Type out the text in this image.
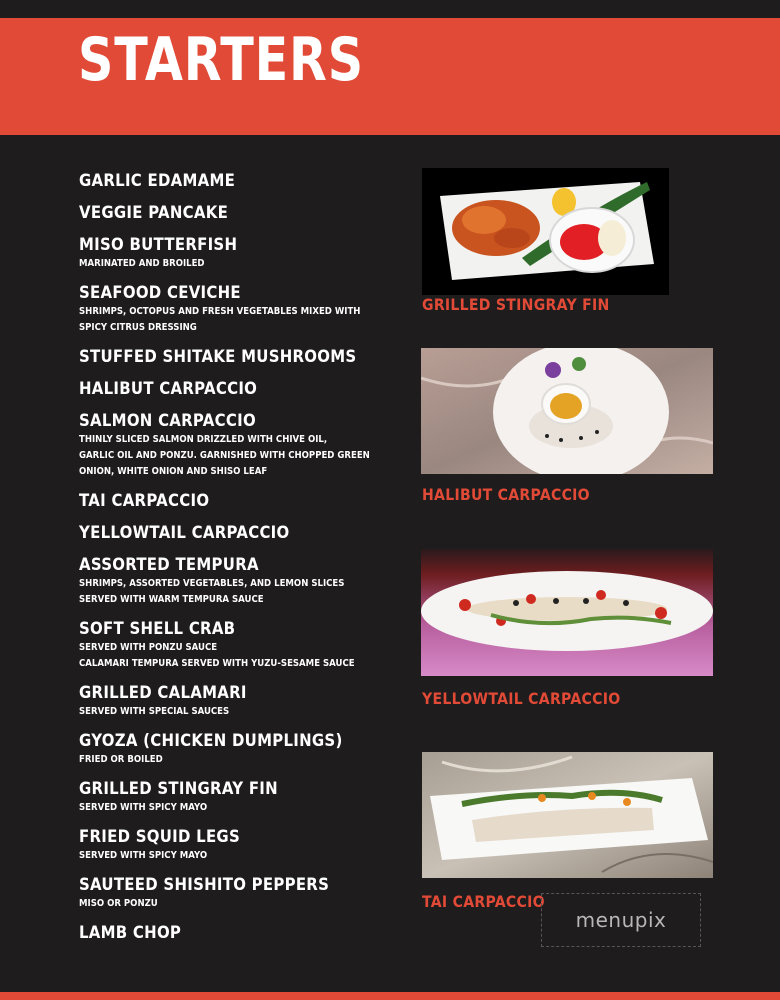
STARTERS
GARLIC EDAMAME
VEGGIE PANCAKE
MISO BUTTERFISH
MARINATED AND BROILED
SEAFOOD CEVICHE
SHRIMPS, OCTOPUS AND FRESH VEGETABLES MIXED WITH
SPICY CITRUS DRESSING
STUFFED SHITAKE MUSHROOMS
HALIBUT CARPACCIO
SALMON CARPACCIO
THINLY SLICED SALMON DRIZZLED WITH CHIVE OIL,
GARLIC OIL AND PONZU. GARNISHED WITH CHOPPED GREEN
ONION, WHITE ONION AND SHISO LEAF
TAI CARPACCIO
YELLOWTAIL CARPACCIO
ASSORTED TEMPURA
SHRIMPS, ASSORTED VEGETABLES, AND LEMON SLICES
SERVED WITH WARM TEMPURA SAUCE
SOFT SHELL CRAB
SERVED WITH PONZU SAUCE
CALAMARI TEMPURA SERVED WITH YUZU-SESAME SAUCE
GRILLED CALAMARI
SERVED WITH SPECIAL SAUCES
GYOZA (CHICKEN DUMPLINGS)
FRIED OR BOILED
GRILLED STINGRAY FIN
SERVED WITH SPICY MAYO
FRIED SQUID LEGS
SERVED WITH SPICY MAYO
SAUTEED SHISHITO PEPPERS
MISO OR PONZU
LAMB CHOP
GRILLED STINGRAY FIN
HALIBUT CARPACCIO
YELLOWTAIL CARPACCIO
TAI CARPACCIO
menupix
